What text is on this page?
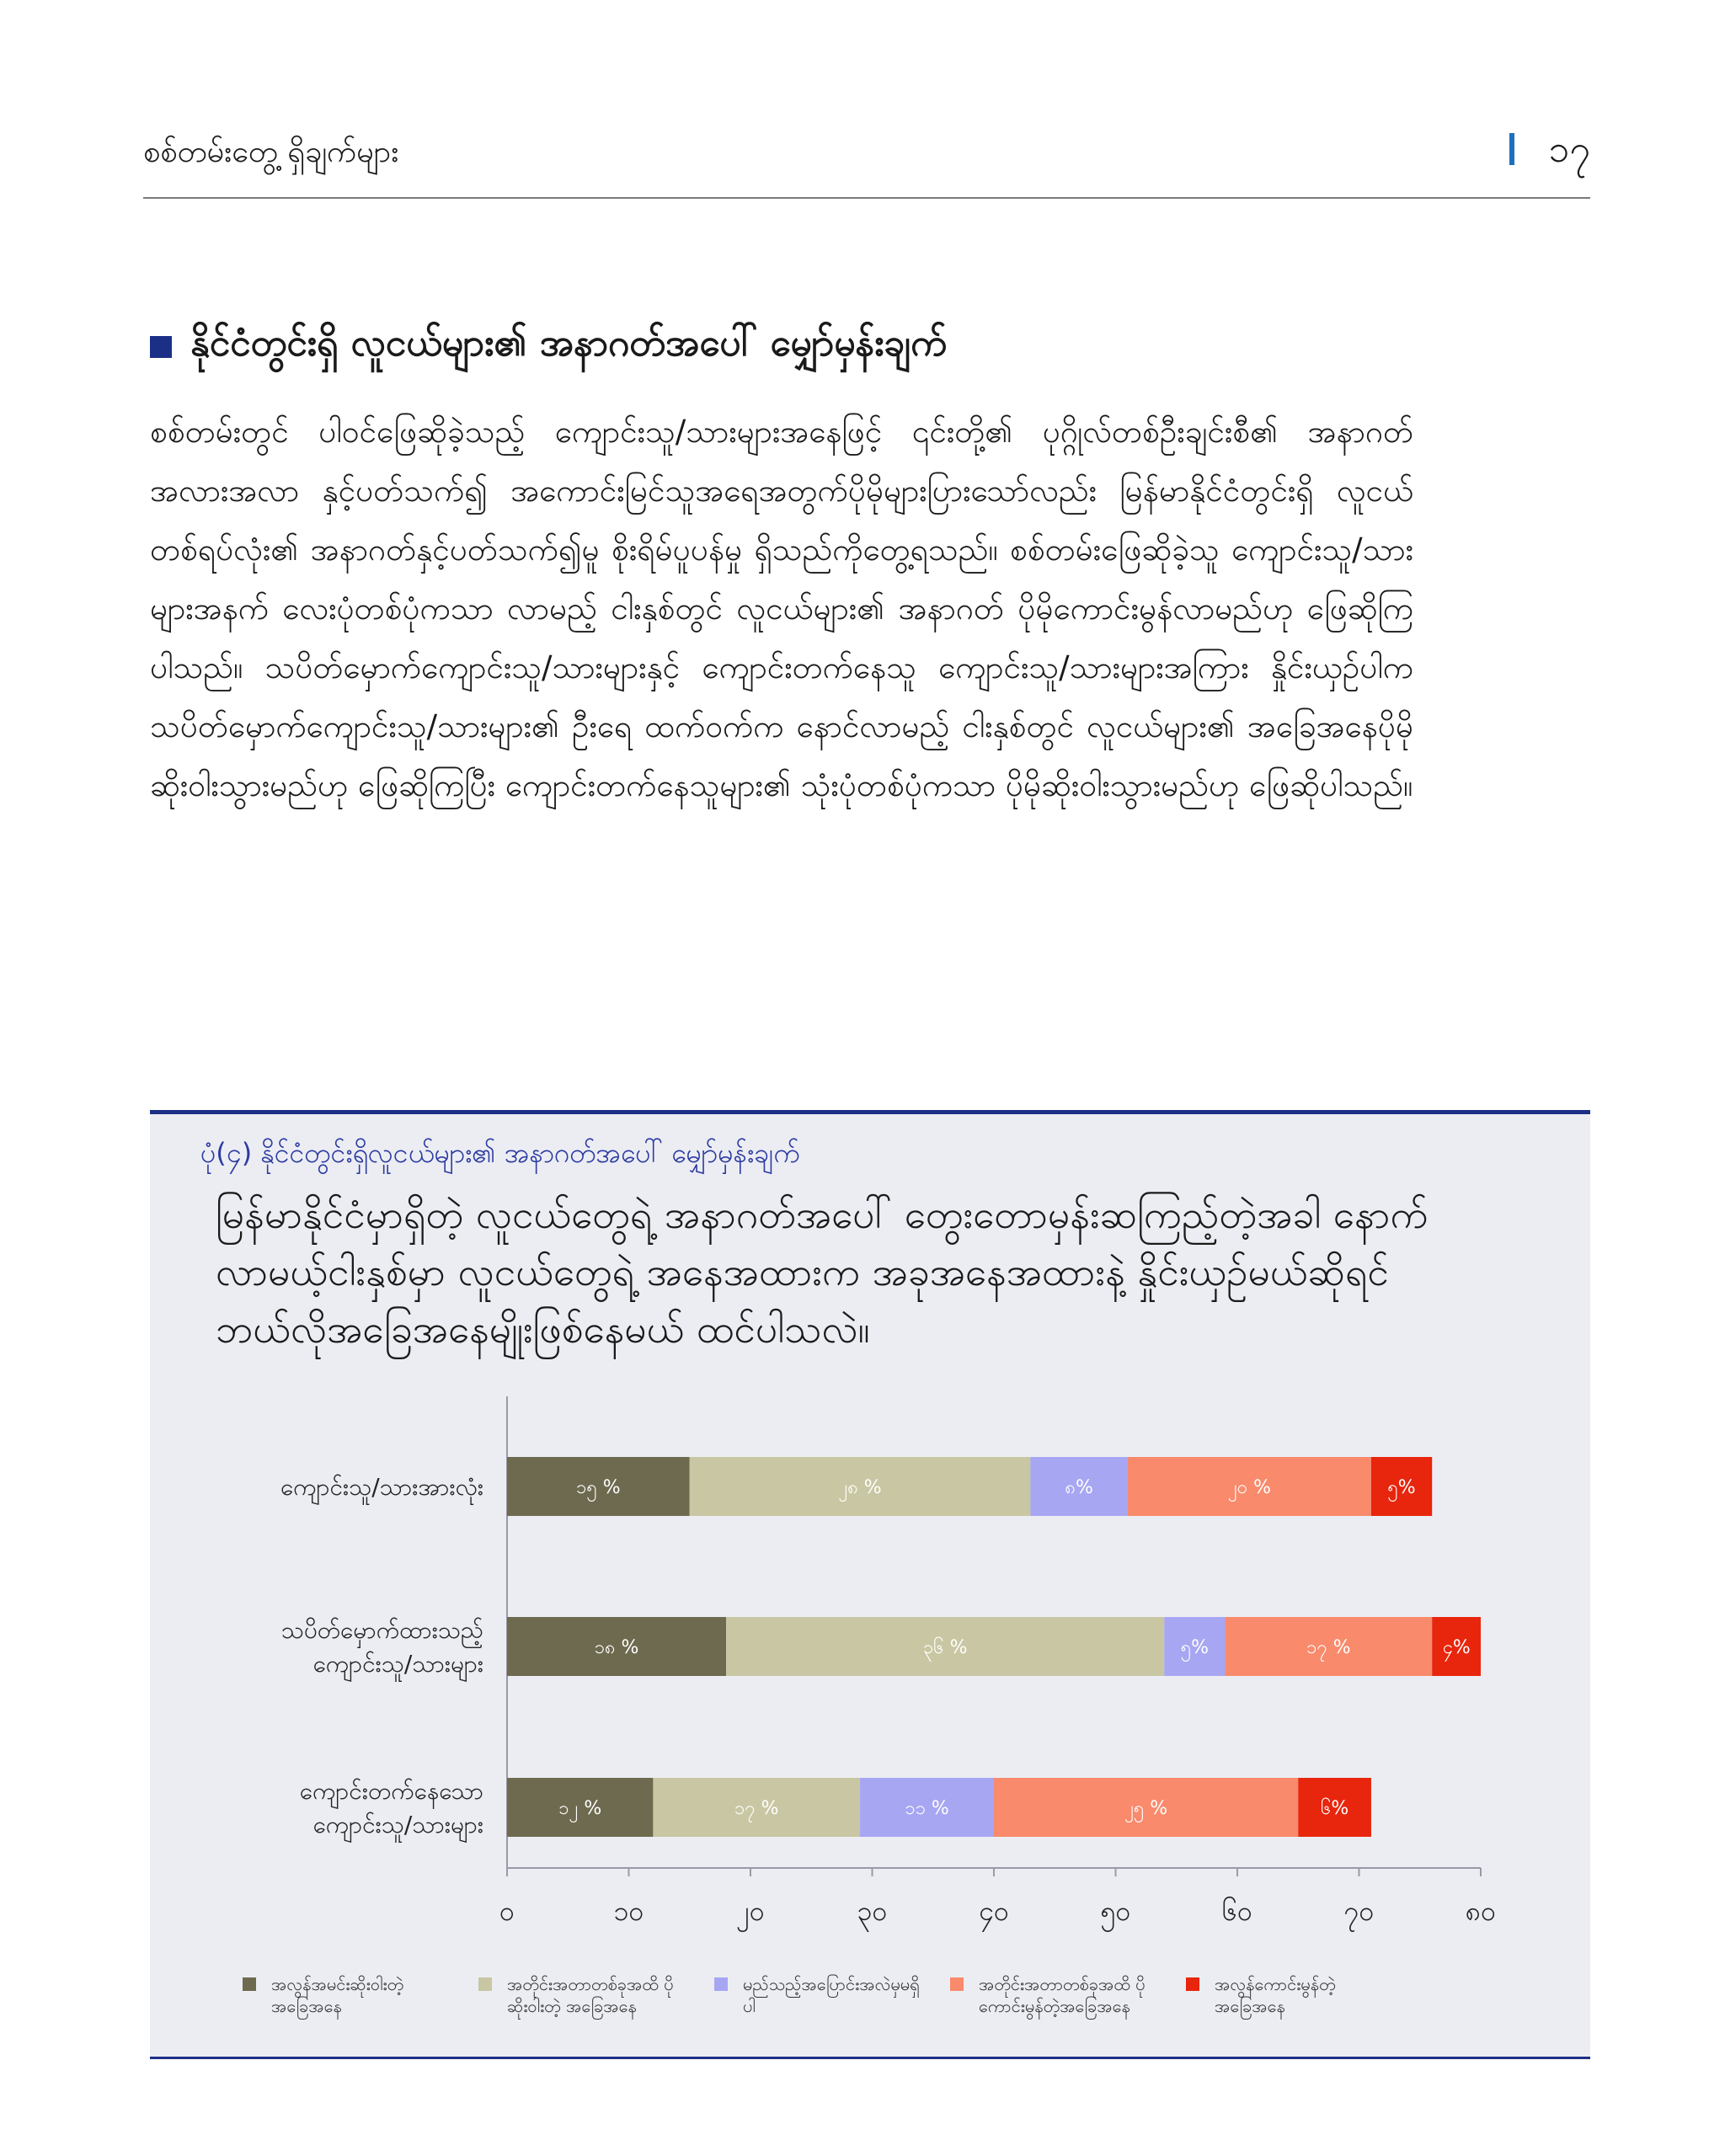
စစ်တမ်းတွေ့ ရှိချက်များ	၁၇
နိုင်ငံတွင်းရှိ လူငယ်များ၏ အနာဂတ်အပေါ် မျှော်မှန်းချက်
စစ်တမ်းတွင် ပါဝင်ဖြေဆိုခဲ့သည့် ကျောင်းသူ/သားများအနေဖြင့် ၎င်းတို့၏ ပုဂ္ဂိုလ်တစ်ဦးချင်းစီ၏ အနာဂတ်အလားအလာ နှင့်ပတ်သက်၍ အကောင်းမြင်သူအရေအတွက်ပိုမိုများပြားသော်လည်း မြန်မာနိုင်ငံတွင်းရှိ လူငယ်တစ်ရပ်လုံး၏ အနာဂတ်နှင့်ပတ်သက်၍မူ စိုးရိမ်ပူပန်မှု ရှိသည်ကိုတွေ့ရသည်။ စစ်တမ်းဖြေဆိုခဲ့သူ ကျောင်းသူ/သားများအနက် လေးပုံတစ်ပုံကသာ လာမည့် ငါးနှစ်တွင် လူငယ်များ၏ အနာဂတ် ပိုမိုကောင်းမွန်လာမည်ဟု ဖြေဆိုကြပါသည်။ သပိတ်မှောက်ကျောင်းသူ/သားများနှင့် ကျောင်းတက်နေသူ ကျောင်းသူ/သားများအကြား နှိုင်းယှဉ်ပါက သပိတ်မှောက်ကျောင်းသူ/သားများ၏ ဦးရေ ထက်ဝက်က နောင်လာမည့် ငါးနှစ်တွင် လူငယ်များ၏ အခြေအနေပိုမို ဆိုးဝါးသွားမည်ဟု ဖြေဆိုကြပြီး ကျောင်းတက်နေသူများ၏ သုံးပုံတစ်ပုံကသာ ပိုမိုဆိုးဝါးသွားမည်ဟု ဖြေဆိုပါသည်။
ပုံ(၄) နိုင်ငံတွင်းရှိလူငယ်များ၏ အနာဂတ်အပေါ် မျှော်မှန်းချက်
မြန်မာနိုင်ငံမှာရှိတဲ့ လူငယ်တွေရဲ့ အနာဂတ်အပေါ် တွေးတောမှန်းဆကြည့်တဲ့အခါ နောက်လာမယ့်ငါးနှစ်မှာ လူငယ်တွေရဲ့ အနေအထားက အခုအနေအထားနဲ့ နှိုင်းယှဉ်မယ်ဆိုရင် ဘယ်လိုအခြေအနေမျိုးဖြစ်နေမယ် ထင်ပါသလဲ။
၀	၁၀	၂၀	၃၀	၄၀	၅၀	၆၀	၇၀	၈၀
ကျောင်းသူ/သားအားလုံး	၁၅ %	၂၈ %	၈%	၂၀ %	၅%
သပိတ်မှောက်ထားသည့်
ကျောင်းသူ/သားများ
၁၈ %	၃၆ %	၅%	၁၇ %	၄%
ကျောင်းတက်နေသော
ကျောင်းသူ/သားများ
၁၂ %	၁၇ %	၁၁ %	၂၅ %	၆%
အလွန်အမင်းဆိုးဝါးတဲ့ အခြေအနေ
အတိုင်းအတာတစ်ခုအထိ ပိုဆိုးဝါးတဲ့ အခြေအနေ
မည်သည့်အပြောင်းအလဲမှမရှိပါ
အတိုင်းအတာတစ်ခုအထိ ပိုကောင်းမွန်တဲ့အခြေအနေ
အလွန်ကောင်းမွန်တဲ့အခြေအနေ
